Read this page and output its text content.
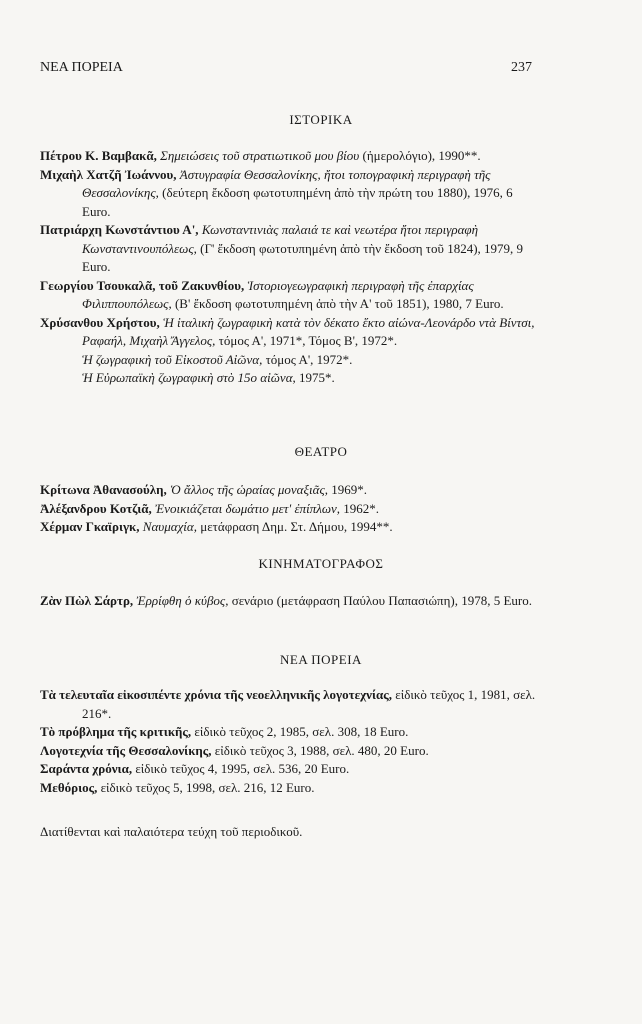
ΝΕΑ ΠΟΡΕΙΑ	237
ΙΣΤΟΡΙΚΑ

Πέτρου Κ. Βαμβακᾶ, Σημειώσεις τοῦ στρατιωτικοῦ μου βίου (ἡμερολόγιο), 1990**.

Μιχαὴλ Χατζῆ Ἰωάννου, Ἀστυγραφία Θεσσαλονίκης, ἤτοι τοπογραφικὴ περιγραφὴ τῆς Θεσσαλονίκης, (δεύτερη ἔκδοση φωτοτυπημένη ἀπὸ τὴν πρώτη του 1880), 1976, 6 Euro.

Πατριάρχη Κωνστάντιου Α', Κωνσταντινιὰς παλαιά τε καὶ νεωτέρα ἤτοι περιγραφὴ Κωνσταντινουπόλεως, (Γ' ἔκδοση φωτοτυπημένη ἀπὸ τὴν ἔκδοση τοῦ 1824), 1979, 9 Euro.

Γεωργίου Τσουκαλᾶ, τοῦ Ζακυνθίου, Ἱστοριογεωγραφικὴ περιγραφὴ τῆς ἐπαρχίας Φιλιππουπόλεως, (Β' ἔκδοση φωτοτυπημένη ἀπὸ τὴν Α' τοῦ 1851), 1980, 7 Euro.

Χρύσανθου Χρήστου, Ἡ ἰταλικὴ ζωγραφικὴ κατὰ τὸν δέκατο ἕκτο αἰώνα-Λεονάρδο ντὰ Βίντσι, Ραφαήλ, Μιχαὴλ Ἄγγελος, τόμος Α', 1971*, Τόμος Β', 1972*.

Ἡ ζωγραφικὴ τοῦ Εἰκοστοῦ Αἰῶνα, τόμος Α', 1972*.

Ἡ Εὐρωπαϊκὴ ζωγραφικὴ στὸ 15ο αἰῶνα, 1975*.

ΘΕΑΤΡΟ

Κρίτωνα Ἀθανασούλη, Ὁ ἄλλος τῆς ὡραίας μοναξιᾶς, 1969*.

Ἀλέξανδρου Κοτζιᾶ, Ἐνοικιάζεται δωμάτιο μετ' ἐπίπλων, 1962*.

Χέρμαν Γκαϊριγκ, Ναυμαχία, μετάφραση Δημ. Στ. Δήμου, 1994**.

ΚΙΝΗΜΑΤΟΓΡΑΦΟΣ

Ζὰν Πὼλ Σάρτρ, Ἐρρίφθη ὁ κύβος, σενάριο (μετάφραση Παύλου Παπασιώπη), 1978, 5 Euro.

ΝΕΑ ΠΟΡΕΙΑ

Τὰ τελευταῖα εἰκοσιπέντε χρόνια τῆς νεοελληνικῆς λογοτεχνίας, εἰδικὸ τεῦχος 1, 1981, σελ. 216*.

Τὸ πρόβλημα τῆς κριτικῆς, εἰδικὸ τεῦχος 2, 1985, σελ. 308, 18 Euro.

Λογοτεχνία τῆς Θεσσαλονίκης, εἰδικὸ τεῦχος 3, 1988, σελ. 480, 20 Euro.

Σαράντα χρόνια, εἰδικὸ τεῦχος 4, 1995, σελ. 536, 20 Euro.

Μεθόριος, εἰδικὸ τεῦχος 5, 1998, σελ. 216, 12 Euro.

Διατίθενται καὶ παλαιότερα τεύχη τοῦ περιοδικοῦ.
